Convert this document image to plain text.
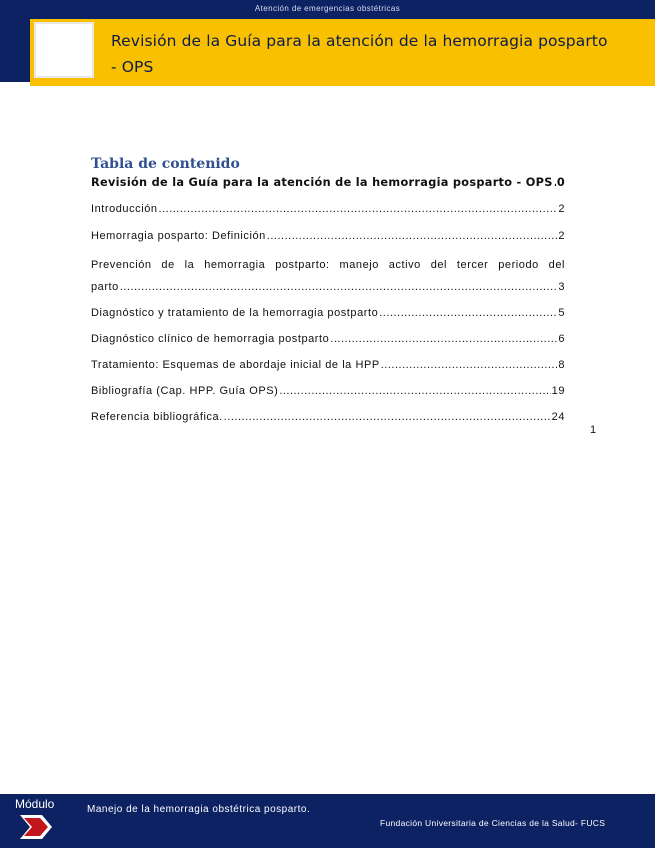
Atención de emergencias obstétricas
Revisión de la Guía para la atención de la hemorragia posparto
- OPS
Tabla de contenido
Revisión de la Guía para la atención de la hemorragia posparto - OPS ..... 0
Introducción .....	2
Hemorragia posparto: Definición .....	2
Prevención de la hemorragia postparto: manejo activo del tercer periodo del
parto .....	3
Diagnóstico y tratamiento de la hemorragia postparto .....	5
Diagnóstico clínico de hemorragia postparto .....	6
Tratamiento: Esquemas de abordaje inicial de la HPP .....	8
Bibliografía (Cap. HPP. Guía OPS) .....	19
Referencia bibliográfica. .....	24
1
Módulo	Manejo de la hemorragia obstétrica posparto.
Fundación Universitaria de Ciencias de la Salud- FUCS
